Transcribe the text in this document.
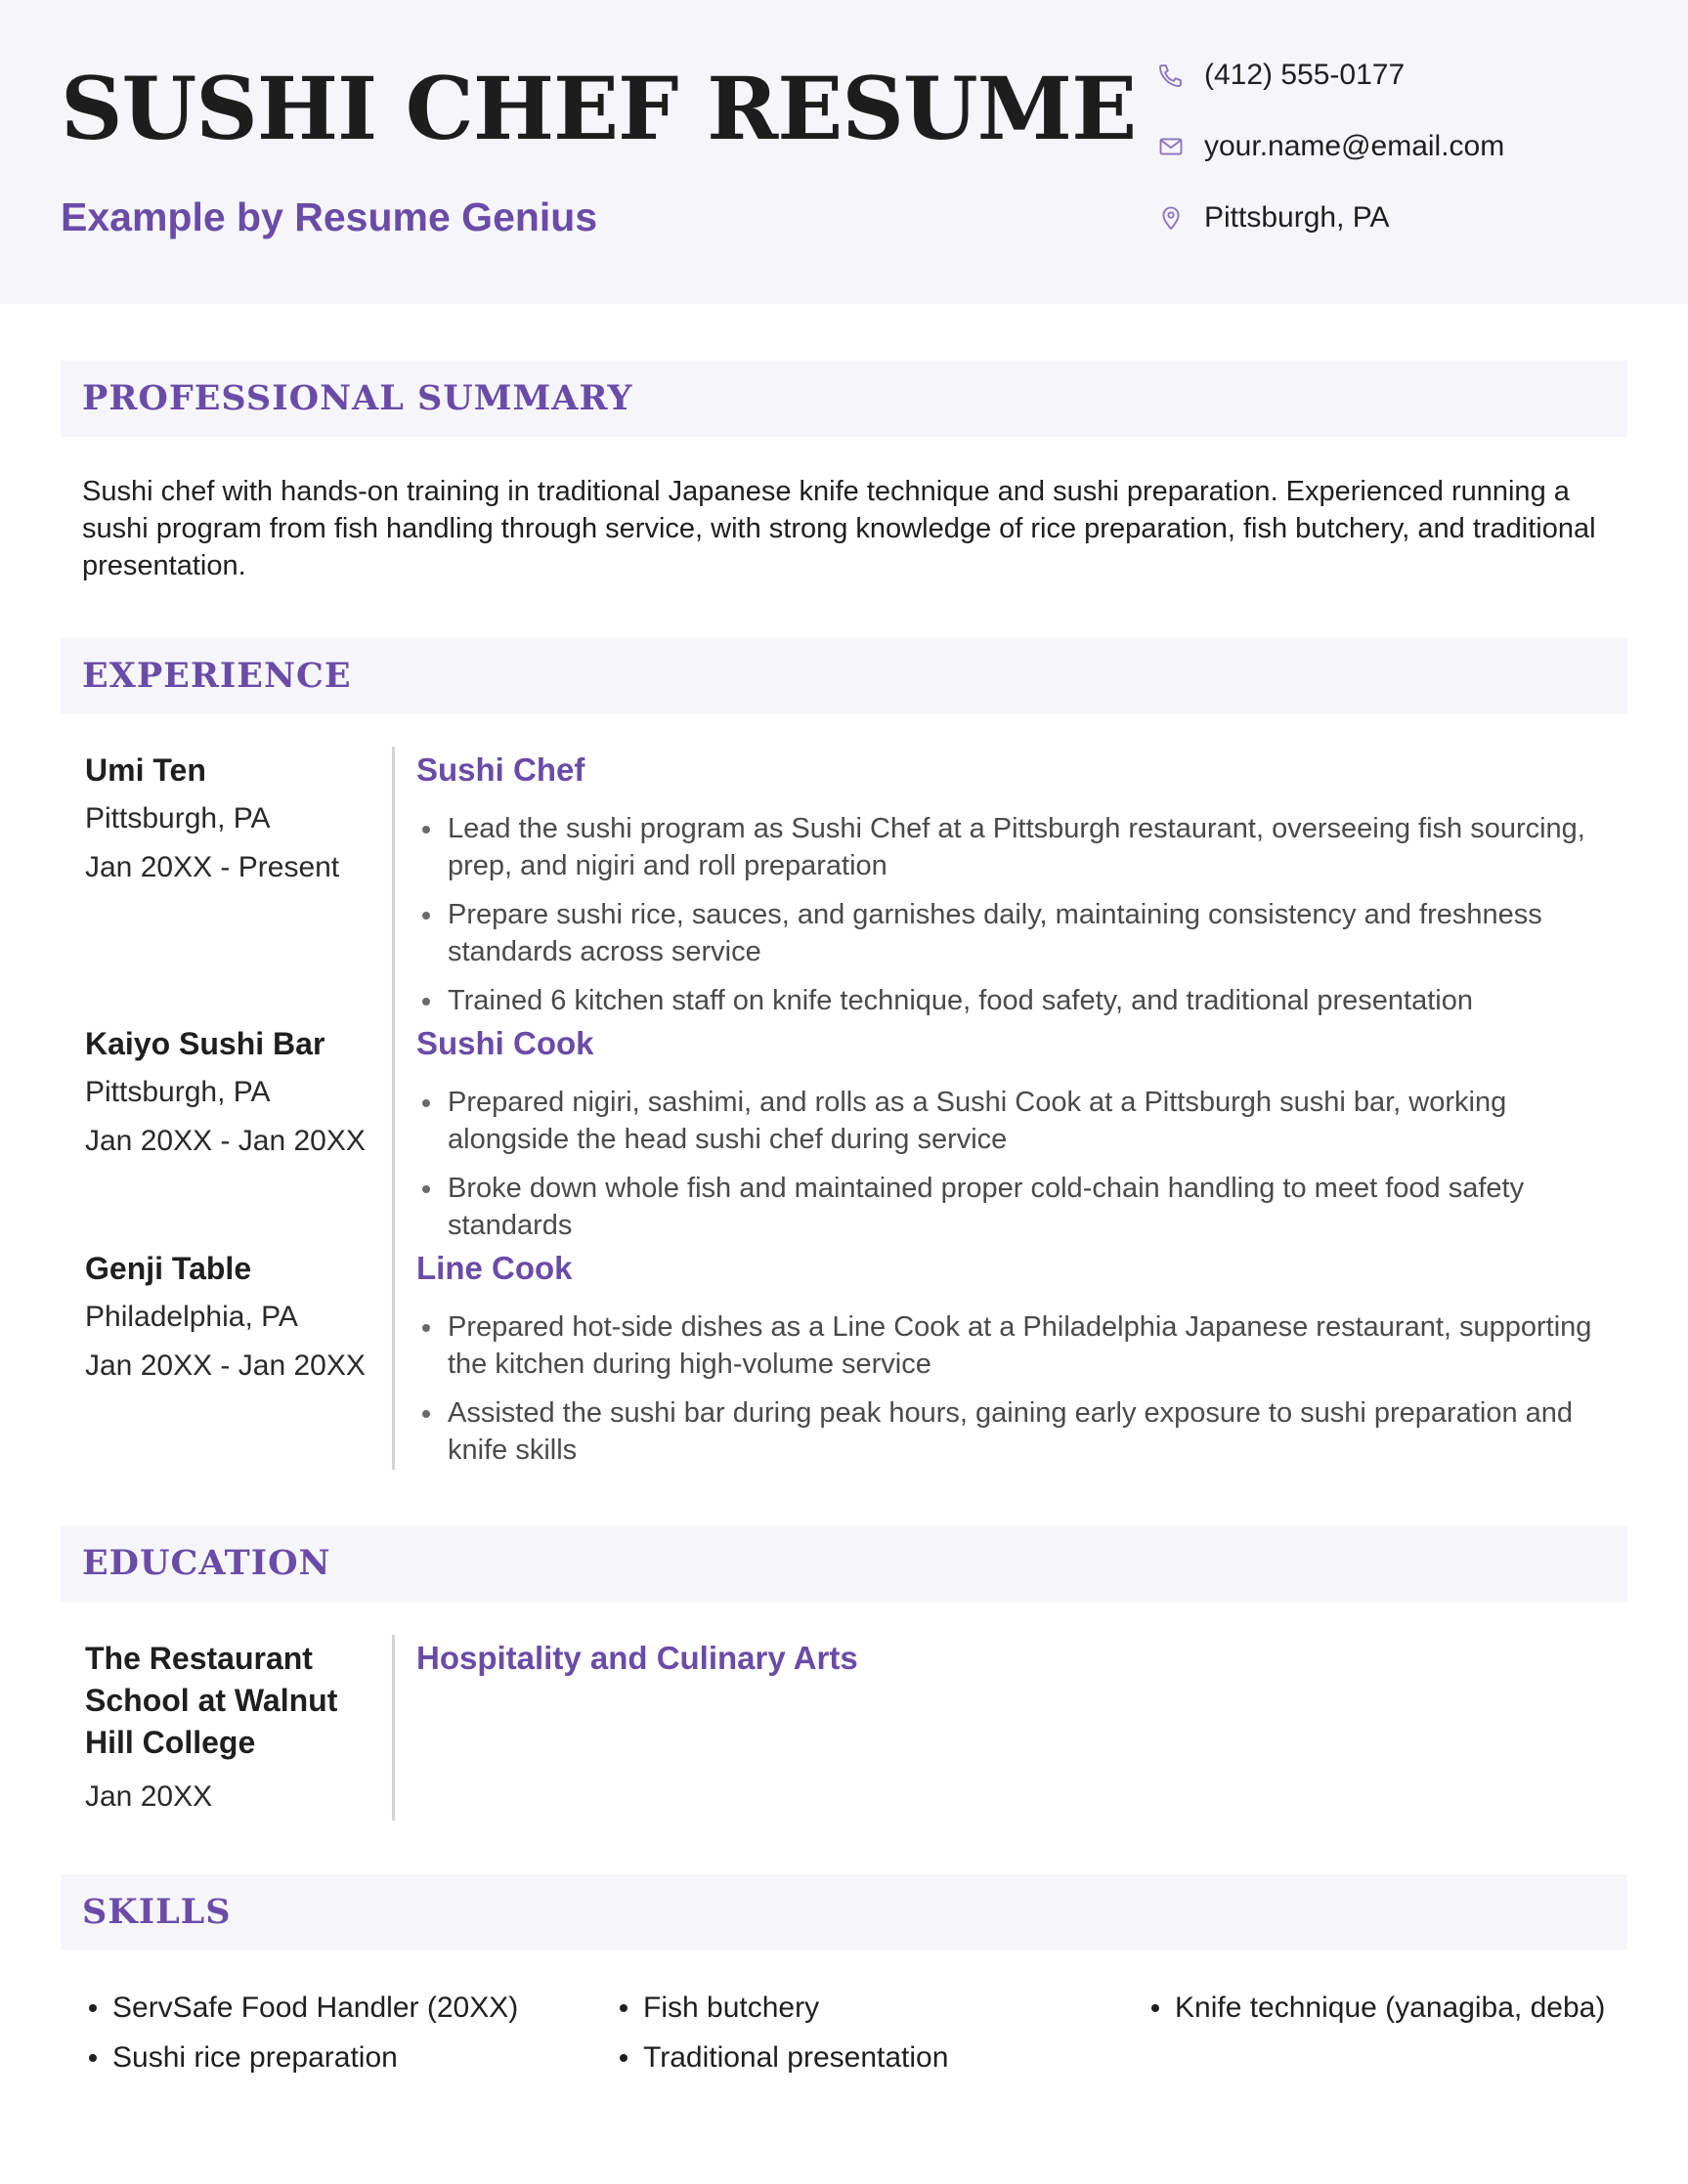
SUSHI CHEF RESUME
Example by Resume Genius
(412) 555-0177
your.name@email.com
Pittsburgh, PA
PROFESSIONAL SUMMARY
Sushi chef with hands-on training in traditional Japanese knife technique and sushi preparation. Experienced running a sushi program from fish handling through service, with strong knowledge of rice preparation, fish butchery, and traditional presentation.
EXPERIENCE
Umi Ten
Pittsburgh, PA
Jan 20XX - Present
Sushi Chef
Lead the sushi program as Sushi Chef at a Pittsburgh restaurant, overseeing fish sourcing, prep, and nigiri and roll preparation
Prepare sushi rice, sauces, and garnishes daily, maintaining consistency and freshness standards across service
Trained 6 kitchen staff on knife technique, food safety, and traditional presentation
Kaiyo Sushi Bar
Pittsburgh, PA
Jan 20XX - Jan 20XX
Sushi Cook
Prepared nigiri, sashimi, and rolls as a Sushi Cook at a Pittsburgh sushi bar, working alongside the head sushi chef during service
Broke down whole fish and maintained proper cold-chain handling to meet food safety standards
Genji Table
Philadelphia, PA
Jan 20XX - Jan 20XX
Line Cook
Prepared hot-side dishes as a Line Cook at a Philadelphia Japanese restaurant, supporting the kitchen during high-volume service
Assisted the sushi bar during peak hours, gaining early exposure to sushi preparation and knife skills
EDUCATION
The Restaurant School at Walnut Hill College
Jan 20XX
Hospitality and Culinary Arts
SKILLS
ServSafe Food Handler (20XX)
Sushi rice preparation
Fish butchery
Traditional presentation
Knife technique (yanagiba, deba)
